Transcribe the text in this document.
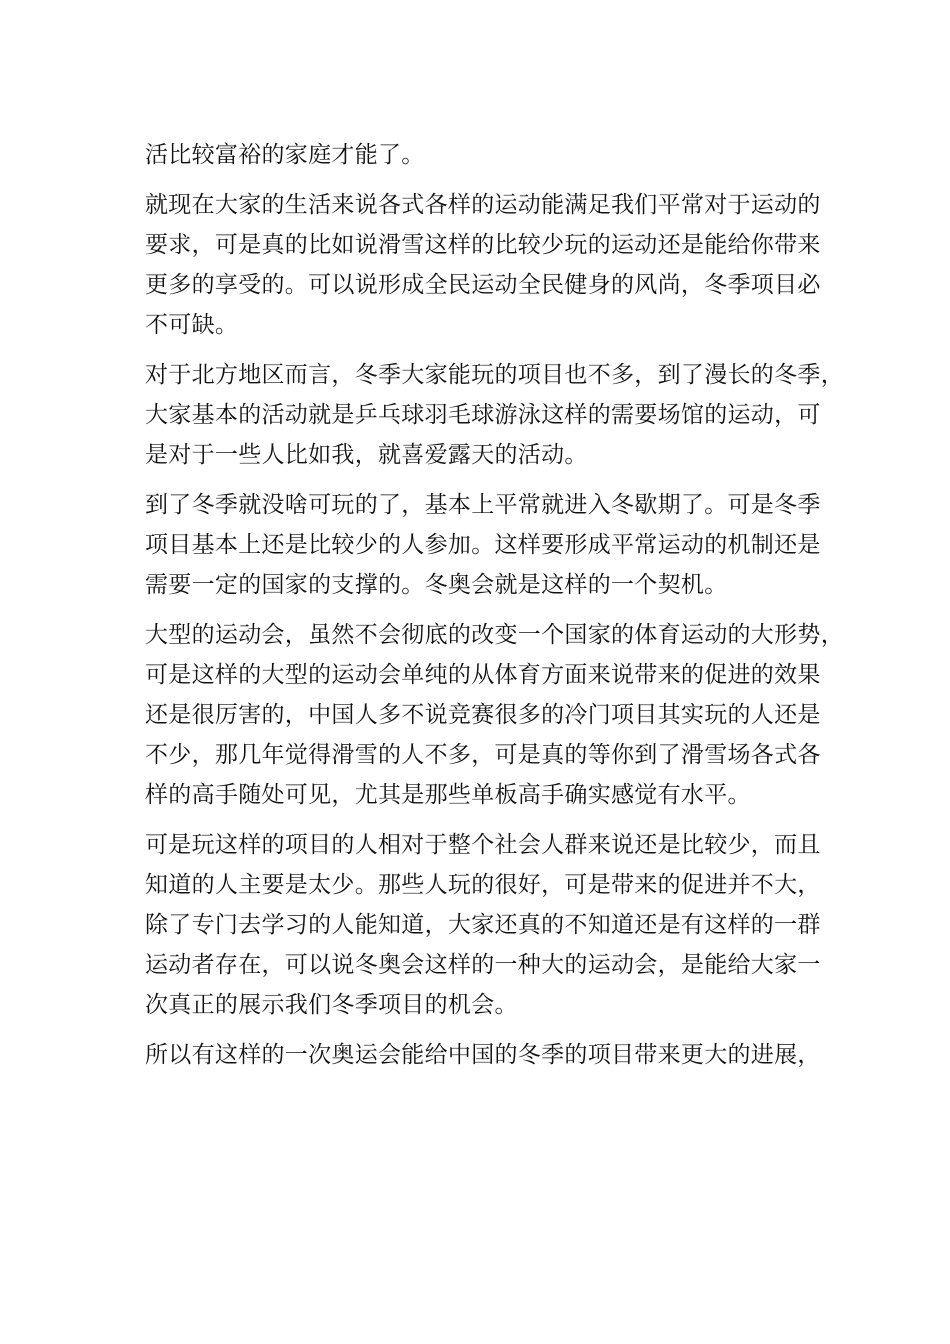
活比较富裕的家庭才能了。
就现在大家的生活来说各式各样的运动能满足我们平常对于运动的
要求，可是真的比如说滑雪这样的比较少玩的运动还是能给你带来
更多的享受的。可以说形成全民运动全民健身的风尚，冬季项目必
不可缺。
对于北方地区而言，冬季大家能玩的项目也不多，到了漫长的冬季，
大家基本的活动就是乒乓球羽毛球游泳这样的需要场馆的运动，可
是对于一些人比如我，就喜爱露天的活动。
到了冬季就没啥可玩的了，基本上平常就进入冬歇期了。可是冬季
项目基本上还是比较少的人参加。这样要形成平常运动的机制还是
需要一定的国家的支撑的。冬奥会就是这样的一个契机。
大型的运动会，虽然不会彻底的改变一个国家的体育运动的大形势，
可是这样的大型的运动会单纯的从体育方面来说带来的促进的效果
还是很厉害的，中国人多不说竞赛很多的冷门项目其实玩的人还是
不少，那几年觉得滑雪的人不多，可是真的等你到了滑雪场各式各
样的高手随处可见，尤其是那些单板高手确实感觉有水平。
可是玩这样的项目的人相对于整个社会人群来说还是比较少，而且
知道的人主要是太少。那些人玩的很好，可是带来的促进并不大，
除了专门去学习的人能知道，大家还真的不知道还是有这样的一群
运动者存在，可以说冬奥会这样的一种大的运动会，是能给大家一
次真正的展示我们冬季项目的机会。
所以有这样的一次奥运会能给中国的冬季的项目带来更大的进展，
